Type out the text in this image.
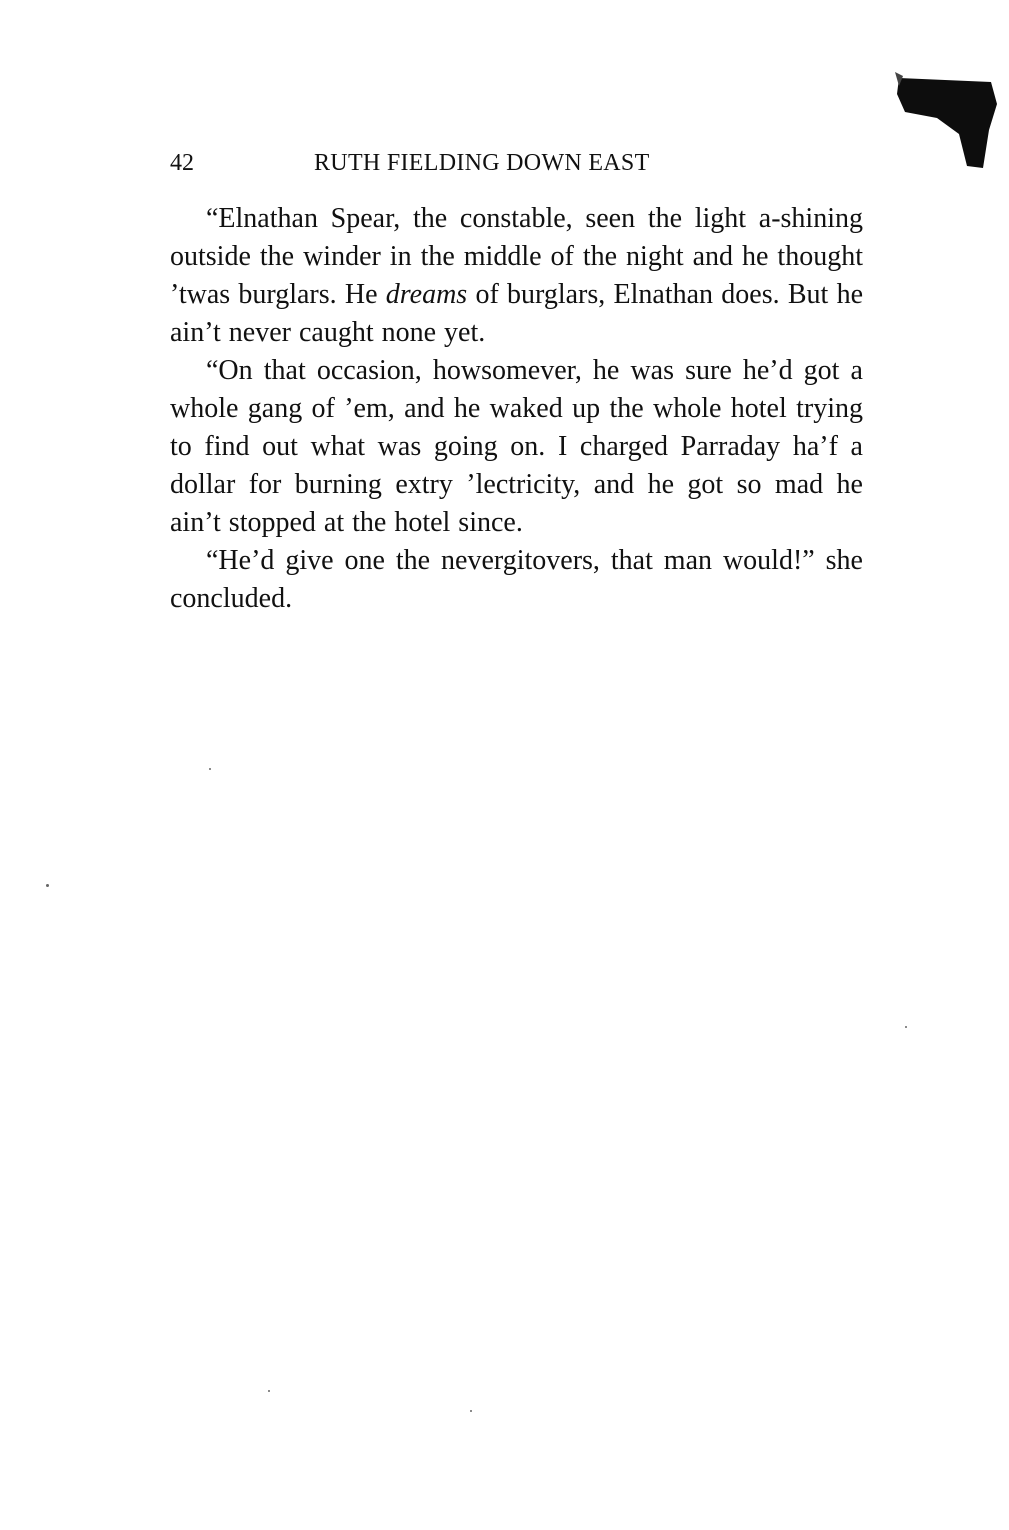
42	RUTH FIELDING DOWN EAST

“Elnathan Spear, the constable, seen the light a-shining outside the winder in the middle of the night and he thought ’twas burglars. He dreams of burglars, Elnathan does. But he ain’t never caught none yet.

“On that occasion, howsomever, he was sure he’d got a whole gang of ’em, and he waked up the whole hotel trying to find out what was going on. I charged Parraday ha’f a dollar for burning extry ’lectricity, and he got so mad he ain’t stopped at the hotel since.

“He’d give one the nevergitovers, that man would!” she concluded.
